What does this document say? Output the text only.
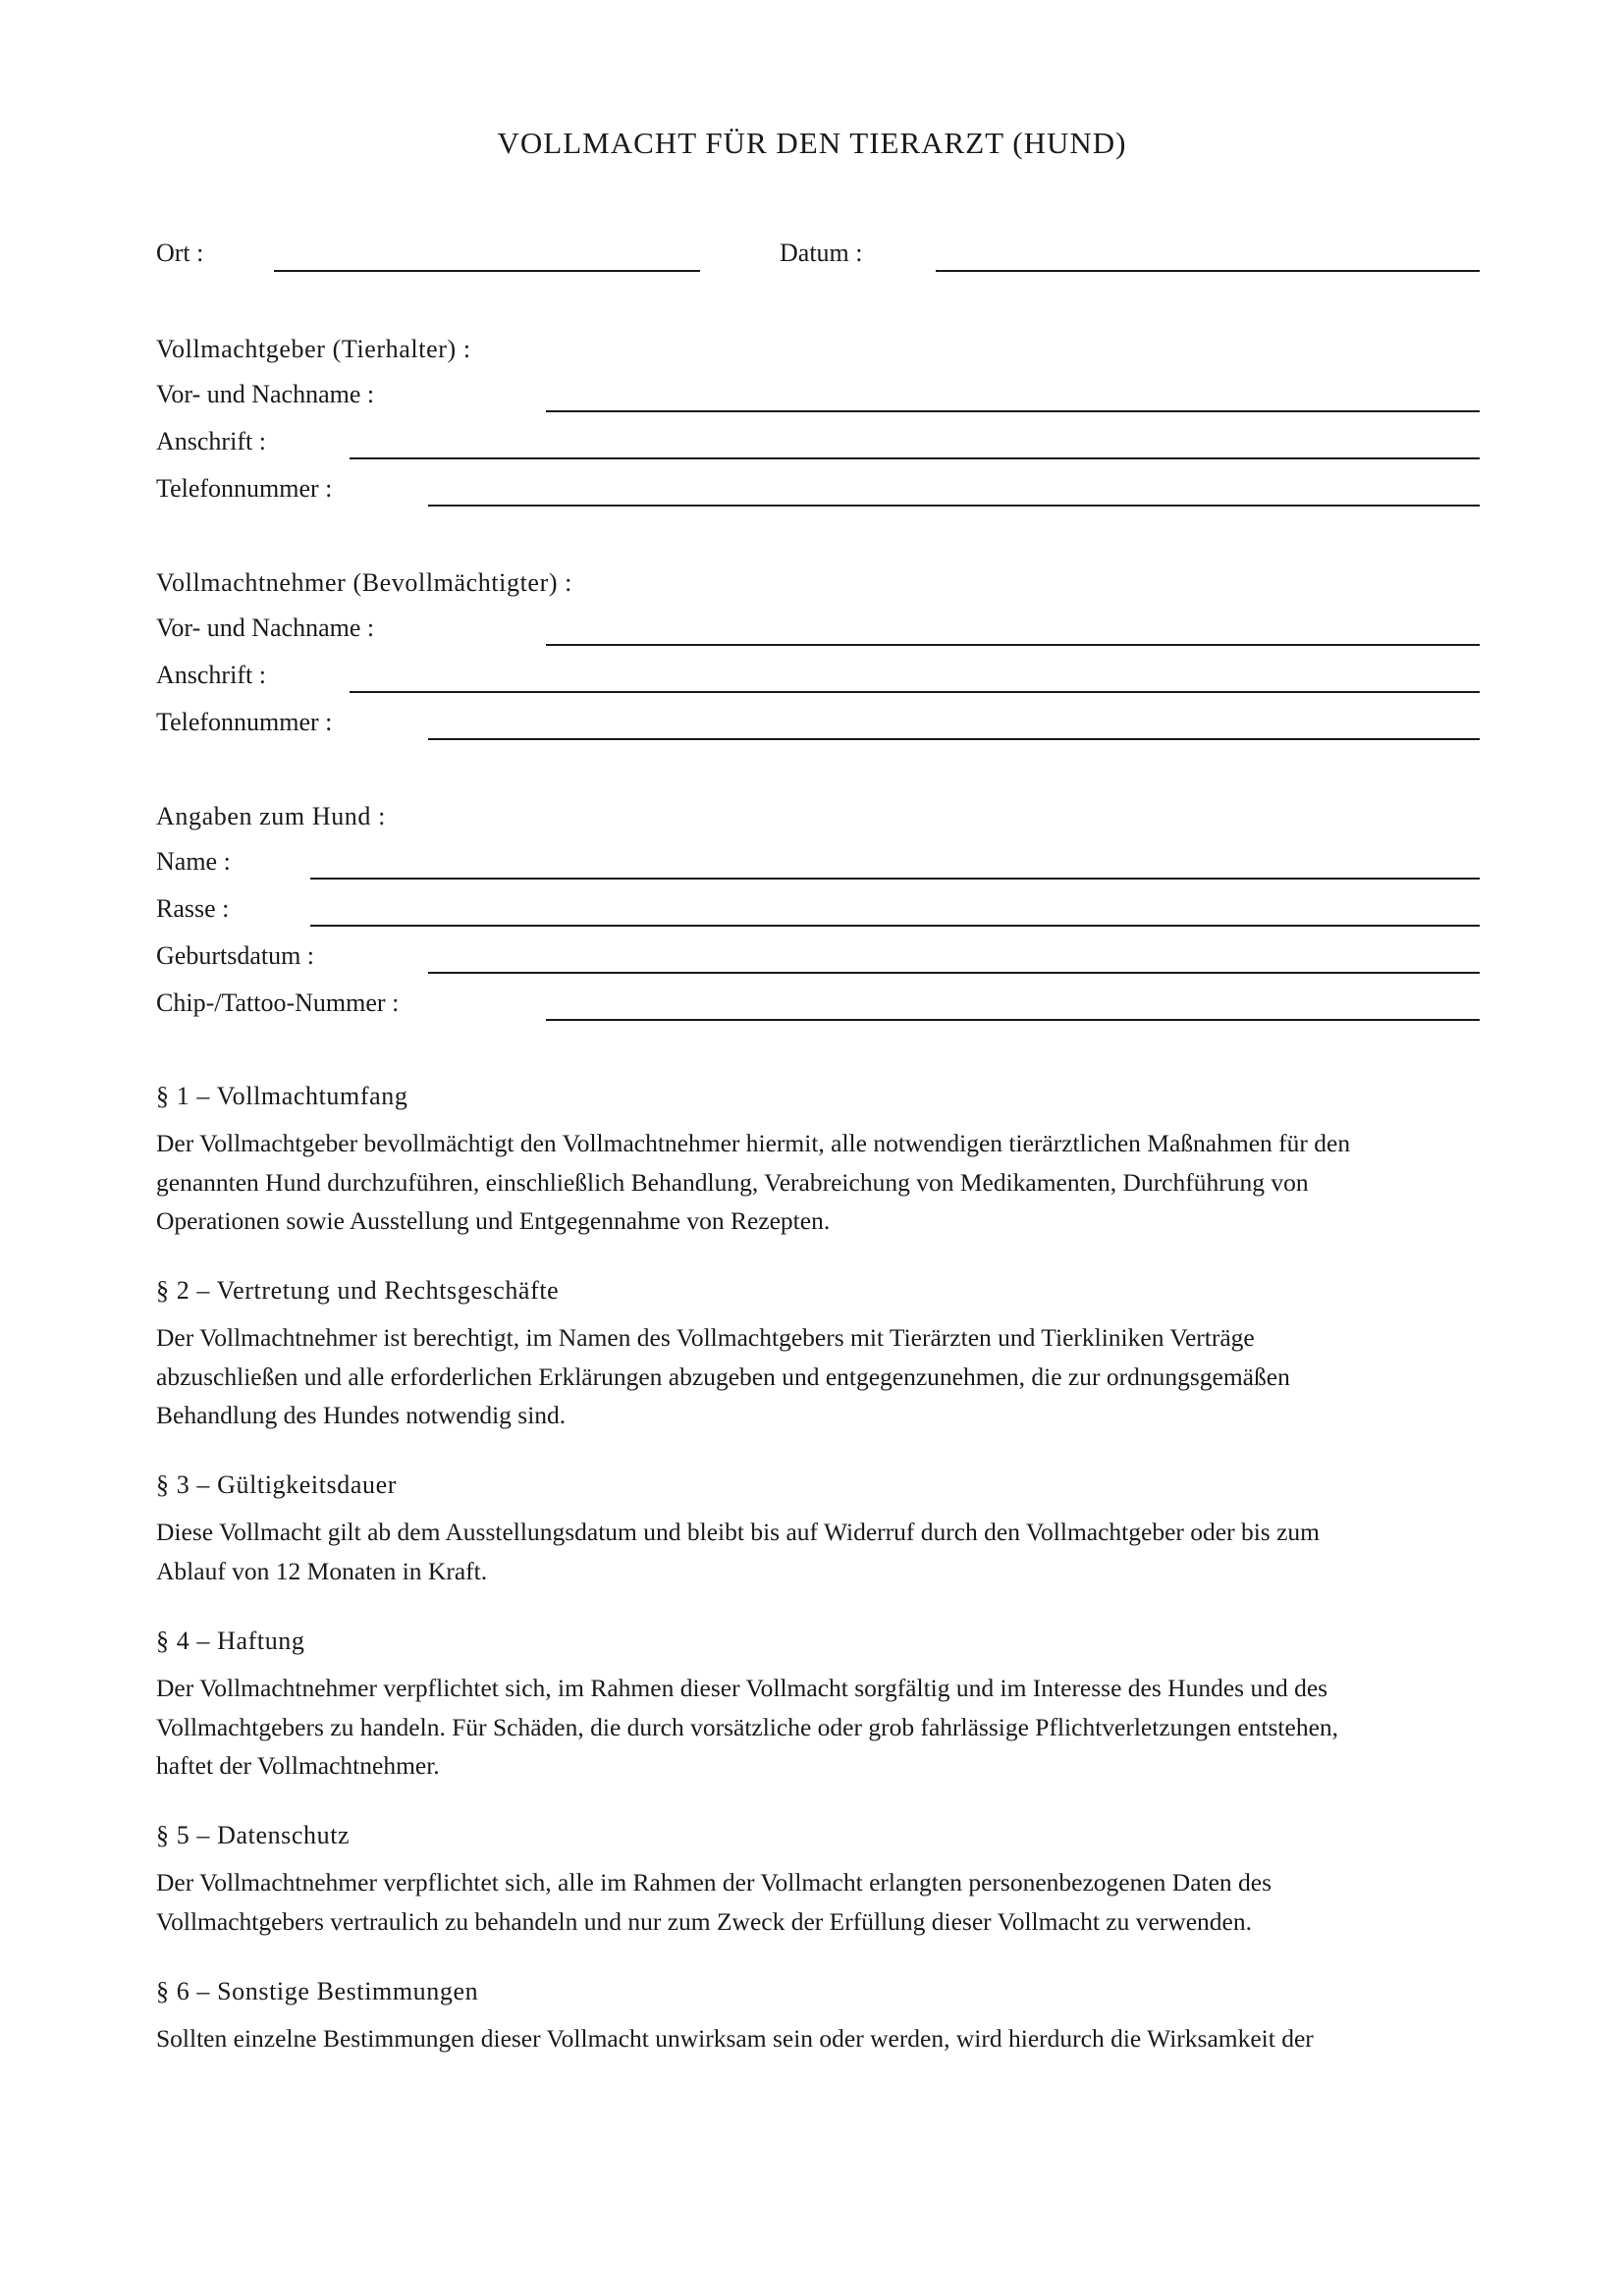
VOLLMACHT FÜR DEN TIERARZT (HUND)
Ort :	Datum :
Vollmachtgeber (Tierhalter) :
Vor- und Nachname :
Anschrift :
Telefonnummer :
Vollmachtnehmer (Bevollmächtigter) :
Vor- und Nachname :
Anschrift :
Telefonnummer :
Angaben zum Hund :
Name :
Rasse :
Geburtsdatum :
Chip-/Tattoo-Nummer :
§ 1 – Vollmachtumfang
Der Vollmachtgeber bevollmächtigt den Vollmachtnehmer hiermit, alle notwendigen tierärztlichen Maßnahmen für den
genannten Hund durchzuführen, einschließlich Behandlung, Verabreichung von Medikamenten, Durchführung von
Operationen sowie Ausstellung und Entgegennahme von Rezepten.
§ 2 – Vertretung und Rechtsgeschäfte
Der Vollmachtnehmer ist berechtigt, im Namen des Vollmachtgebers mit Tierärzten und Tierkliniken Verträge
abzuschließen und alle erforderlichen Erklärungen abzugeben und entgegenzunehmen, die zur ordnungsgemäßen
Behandlung des Hundes notwendig sind.
§ 3 – Gültigkeitsdauer
Diese Vollmacht gilt ab dem Ausstellungsdatum und bleibt bis auf Widerruf durch den Vollmachtgeber oder bis zum
Ablauf von 12 Monaten in Kraft.
§ 4 – Haftung
Der Vollmachtnehmer verpflichtet sich, im Rahmen dieser Vollmacht sorgfältig und im Interesse des Hundes und des
Vollmachtgebers zu handeln. Für Schäden, die durch vorsätzliche oder grob fahrlässige Pflichtverletzungen entstehen,
haftet der Vollmachtnehmer.
§ 5 – Datenschutz
Der Vollmachtnehmer verpflichtet sich, alle im Rahmen der Vollmacht erlangten personenbezogenen Daten des
Vollmachtgebers vertraulich zu behandeln und nur zum Zweck der Erfüllung dieser Vollmacht zu verwenden.
§ 6 – Sonstige Bestimmungen
Sollten einzelne Bestimmungen dieser Vollmacht unwirksam sein oder werden, wird hierdurch die Wirksamkeit der
